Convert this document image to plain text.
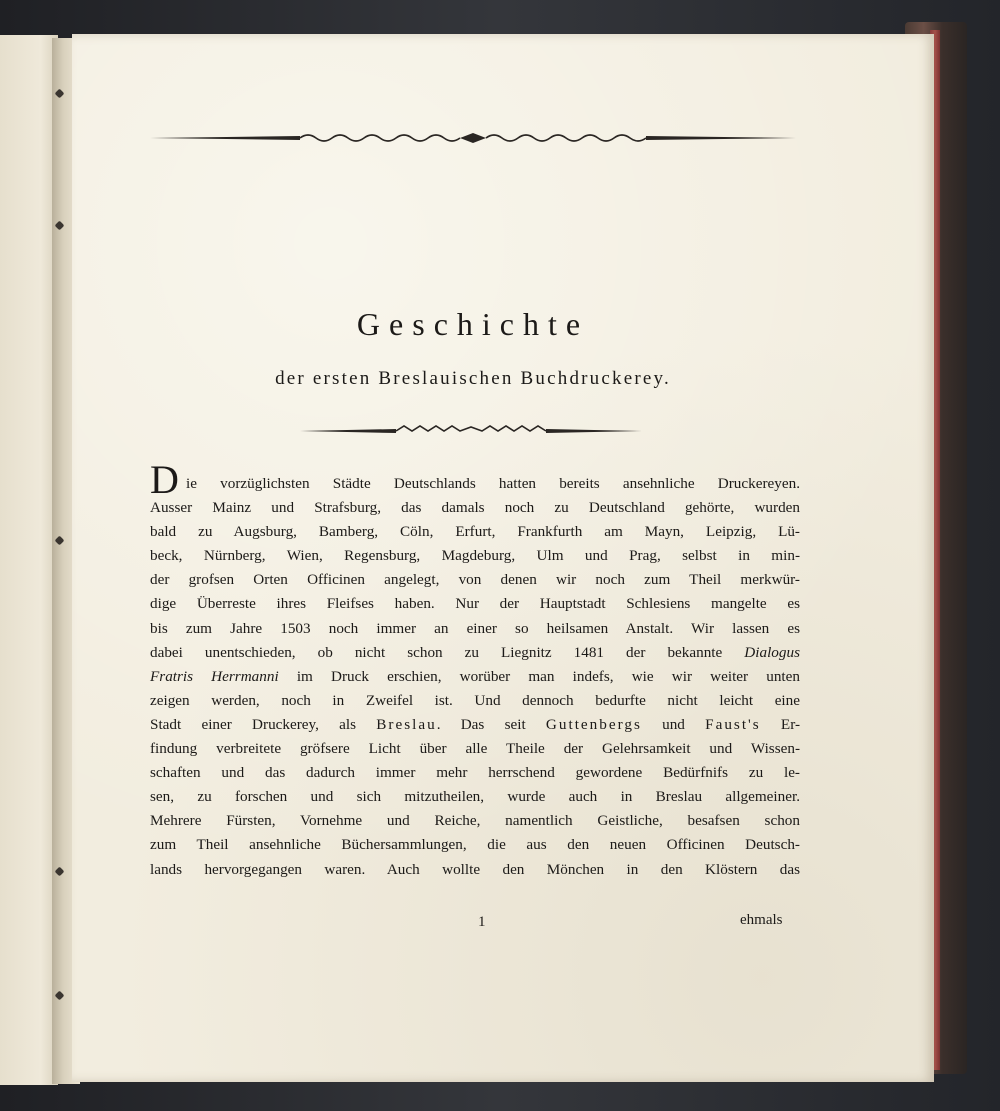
Geschichte
der ersten Breslauischen Buchdruckerey.
D ie vorzüglichsten Städte Deutschlands hatten bereits ansehnliche Druckereyen.
Ausser Mainz und Strafsburg, das damals noch zu Deutschland gehörte, wurden
bald zu Augsburg, Bamberg, Cöln, Erfurt, Frankfurth am Mayn, Leipzig, Lü-
beck, Nürnberg, Wien, Regensburg, Magdeburg, Ulm und Prag, selbst in min-
der grofsen Orten Officinen angelegt, von denen wir noch zum Theil merkwür-
dige Überreste ihres Fleifses haben. Nur der Hauptstadt Schlesiens mangelte es
bis zum Jahre 1503 noch immer an einer so heilsamen Anstalt. Wir lassen es
dabei unentschieden, ob nicht schon zu Liegnitz 1481 der bekannte Dialogus
Fratris Herrmanni im Druck erschien, worüber man indefs, wie wir weiter unten
zeigen werden, noch in Zweifel ist. Und dennoch bedurfte nicht leicht eine
Stadt einer Druckerey, als Breslau. Das seit Guttenbergs und Faust's Er-
findung verbreitete gröfsere Licht über alle Theile der Gelehrsamkeit und Wissen-
schaften und das dadurch immer mehr herrschend gewordene Bedürfnifs zu le-
sen, zu forschen und sich mitzutheilen, wurde auch in Breslau allgemeiner.
Mehrere Fürsten, Vornehme und Reiche, namentlich Geistliche, besafsen schon
zum Theil ansehnliche Büchersammlungen, die aus den neuen Officinen Deutsch-
lands hervorgegangen waren. Auch wollte den Mönchen in den Klöstern das
1	ehmals
